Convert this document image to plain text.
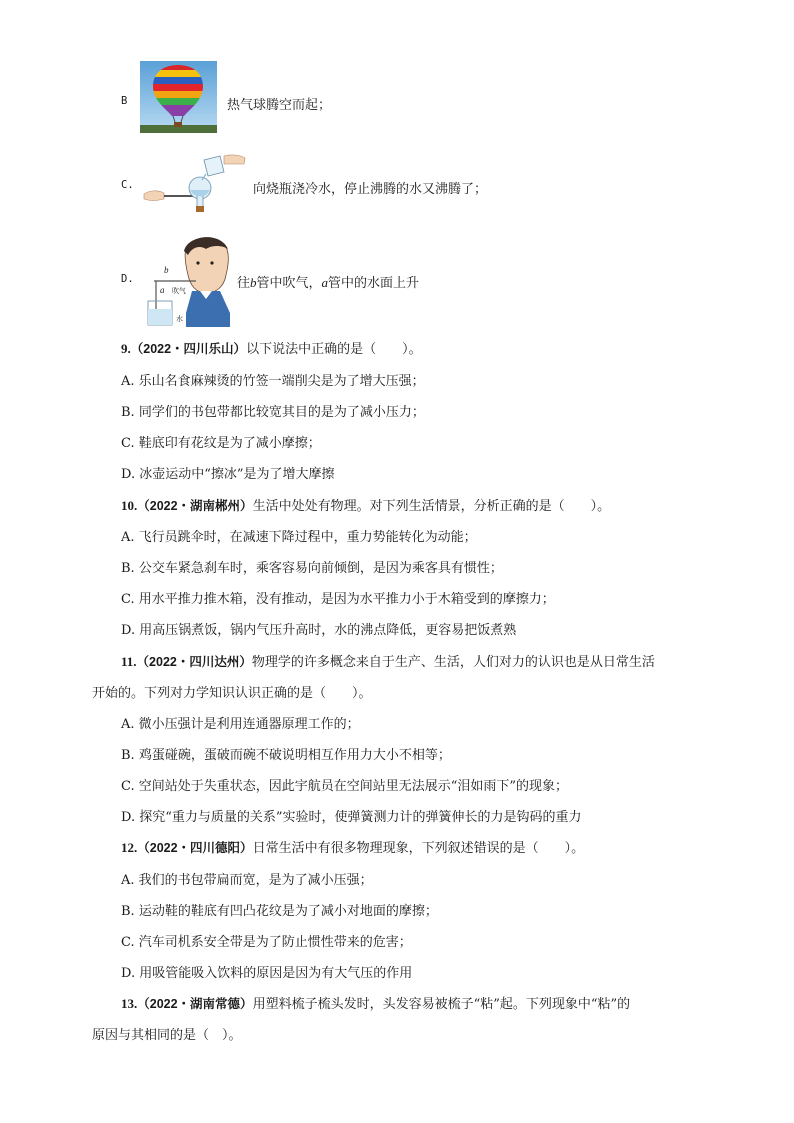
B	热气球腾空而起；
C.	向烧瓶浇冷水，停止沸腾的水又沸腾了；
D.
b
a 吹气
水
往b管中吹气，a管中的水面上升
9.（2022・四川乐山）以下说法中正确的是（　　）。
A. 乐山名食麻辣烫的竹签一端削尖是为了增大压强；
B. 同学们的书包带都比较宽其目的是为了减小压力；
C. 鞋底印有花纹是为了减小摩擦；
D. 冰壶运动中“擦冰”是为了增大摩擦
10.（2022・湖南郴州）生活中处处有物理。对下列生活情景，分析正确的是（　　）。
A. 飞行员跳伞时，在减速下降过程中，重力势能转化为动能；
B. 公交车紧急刹车时，乘客容易向前倾倒，是因为乘客具有惯性；
C. 用水平推力推木箱，没有推动，是因为水平推力小于木箱受到的摩擦力；
D. 用高压锅煮饭，锅内气压升高时，水的沸点降低，更容易把饭煮熟
11.（2022・四川达州）物理学的许多概念来自于生产、生活，人们对力的认识也是从日常生活
开始的。下列对力学知识认识正确的是（　　）。
A. 微小压强计是利用连通器原理工作的；
B. 鸡蛋碰碗，蛋破而碗不破说明相互作用力大小不相等；
C. 空间站处于失重状态，因此宇航员在空间站里无法展示“泪如雨下”的现象；
D. 探究“重力与质量的关系”实验时，使弹簧测力计的弹簧伸长的力是钩码的重力
12.（2022・四川德阳）日常生活中有很多物理现象，下列叙述错误的是（　　）。
A. 我们的书包带扁而宽，是为了减小压强；
B. 运动鞋的鞋底有凹凸花纹是为了减小对地面的摩擦；
C. 汽车司机系安全带是为了防止惯性带来的危害；
D. 用吸管能吸入饮料的原因是因为有大气压的作用
13.（2022・湖南常德）用塑料梳子梳头发时，头发容易被梳子“粘”起。下列现象中“粘”的
原因与其相同的是（　）。
